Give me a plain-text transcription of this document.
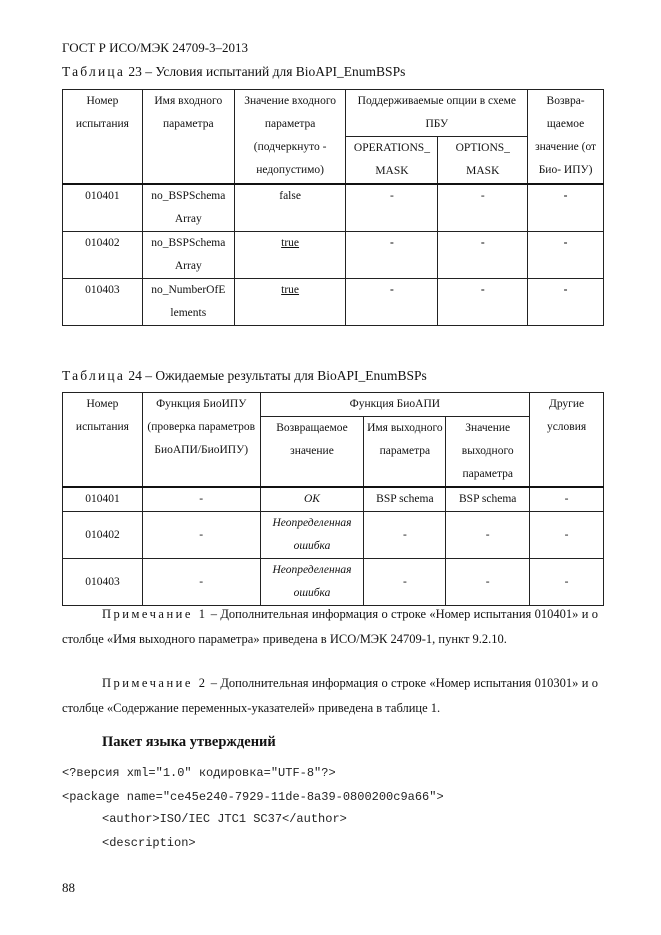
ГОСТ Р ИСО/МЭК 24709-3–2013
Таблица 23 – Условия испытаний для BioAPI_EnumBSPs
Номер испытания	Имя входного параметра	Значение входного параметра (подчеркнуто - недопустимо)	Поддерживаемые опции в схеме ПБУ		Возвра- щаемое значение (от Био- ИПУ)
			OPERATIONS_ MASK	OPTIONS_ MASK	
010401	no_BSPSchema Array	false	-	-	-
010402	no_BSPSchema Array	true	-	-	-
010403	no_NumberOfE lements	true	-	-	-
Таблица 24 – Ожидаемые результаты для BioAPI_EnumBSPs
Номер испытания	Функция БиоИПУ (проверка параметров БиоАПИ/БиоИПУ)	Функция БиоАПИ			Другие условия
		Возвращаемое значение	Имя выходного параметра	Значение выходного параметра	
010401	-	OK	BSP schema	BSP schema	-
010402	-	Неопределенная ошибка	-	-	-
010403	-	Неопределенная ошибка	-	-	-
Примечание 1 – Дополнительная информация о строке «Номер испытания 010401» и о столбце «Имя выходного параметра» приведена в ИСО/МЭК 24709-1, пункт 9.2.10.
Примечание 2 – Дополнительная информация о строке «Номер испытания 010301» и о столбце «Содержание переменных-указателей» приведена в таблице 1.
Пакет языка утверждений
<?версия xml="1.0" кодировка="UTF-8"?>
<package name="ce45e240-7929-11de-8a39-0800200c9a66">
<author>ISO/IEC JTC1 SC37</author>
<description>
88
